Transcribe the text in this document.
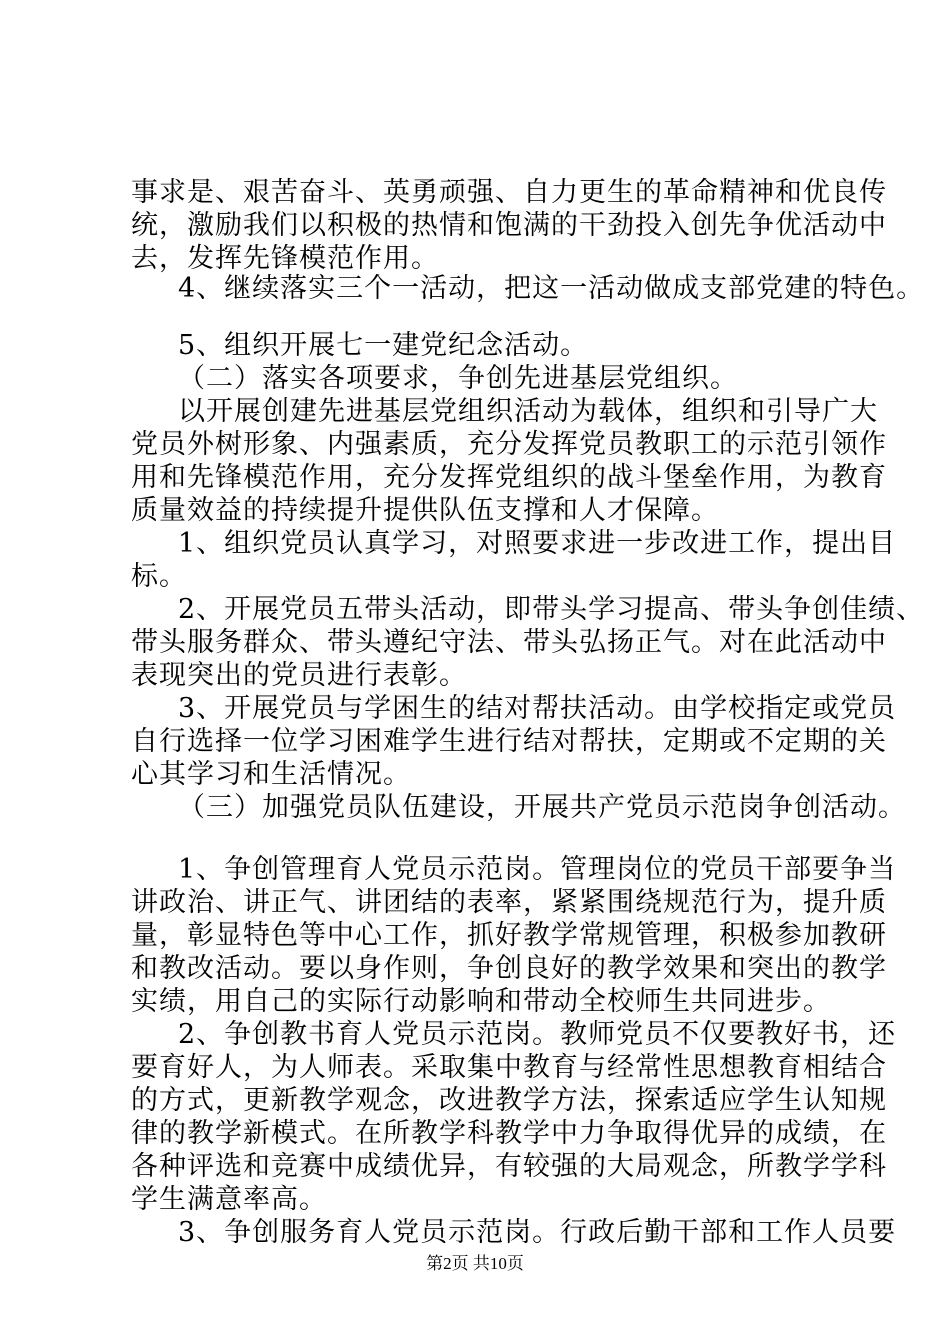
事求是、艰苦奋斗、英勇顽强、自力更生的革命精神和优良传
统，激励我们以积极的热情和饱满的干劲投入创先争优活动中
去，发挥先锋模范作用。
4、继续落实三个一活动，把这一活动做成支部党建的特色。
5、组织开展七一建党纪念活动。
（二）落实各项要求，争创先进基层党组织。
以开展创建先进基层党组织活动为载体，组织和引导广大
党员外树形象、内强素质，充分发挥党员教职工的示范引领作
用和先锋模范作用，充分发挥党组织的战斗堡垒作用，为教育
质量效益的持续提升提供队伍支撑和人才保障。
1、组织党员认真学习，对照要求进一步改进工作，提出目
标。
2、开展党员五带头活动，即带头学习提高、带头争创佳绩、
带头服务群众、带头遵纪守法、带头弘扬正气。对在此活动中
表现突出的党员进行表彰。
3、开展党员与学困生的结对帮扶活动。由学校指定或党员
自行选择一位学习困难学生进行结对帮扶，定期或不定期的关
心其学习和生活情况。
（三）加强党员队伍建设，开展共产党员示范岗争创活动。
1、争创管理育人党员示范岗。管理岗位的党员干部要争当
讲政治、讲正气、讲团结的表率，紧紧围绕规范行为，提升质
量，彰显特色等中心工作，抓好教学常规管理，积极参加教研
和教改活动。要以身作则，争创良好的教学效果和突出的教学
实绩，用自己的实际行动影响和带动全校师生共同进步。
2、争创教书育人党员示范岗。教师党员不仅要教好书，还
要育好人，为人师表。采取集中教育与经常性思想教育相结合
的方式，更新教学观念，改进教学方法，探索适应学生认知规
律的教学新模式。在所教学科教学中力争取得优异的成绩，在
各种评选和竞赛中成绩优异，有较强的大局观念，所教学学科
学生满意率高。
3、争创服务育人党员示范岗。行政后勤干部和工作人员要
第2页 共10页
